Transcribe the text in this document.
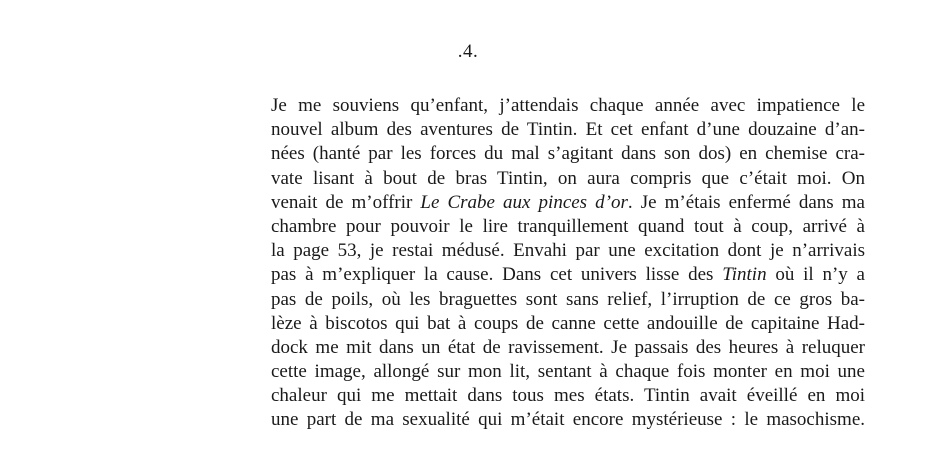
.4.
Je me souviens qu’enfant, j’attendais chaque année avec impatience le
nouvel album des aventures de Tintin. Et cet enfant d’une douzaine d’an-
nées (hanté par les forces du mal s’agitant dans son dos) en chemise cra-
vate lisant à bout de bras Tintin, on aura compris que c’était moi. On
venait de m’offrir Le Crabe aux pinces d’or. Je m’étais enfermé dans ma
chambre pour pouvoir le lire tranquillement quand tout à coup, arrivé à
la page 53, je restai médusé. Envahi par une excitation dont je n’arrivais
pas à m’expliquer la cause. Dans cet univers lisse des Tintin où il n’y a
pas de poils, où les braguettes sont sans relief, l’irruption de ce gros ba-
lèze à biscotos qui bat à coups de canne cette andouille de capitaine Had-
dock me mit dans un état de ravissement. Je passais des heures à reluquer
cette image, allongé sur mon lit, sentant à chaque fois monter en moi une
chaleur qui me mettait dans tous mes états. Tintin avait éveillé en moi
une part de ma sexualité qui m’était encore mystérieuse : le masochisme.
